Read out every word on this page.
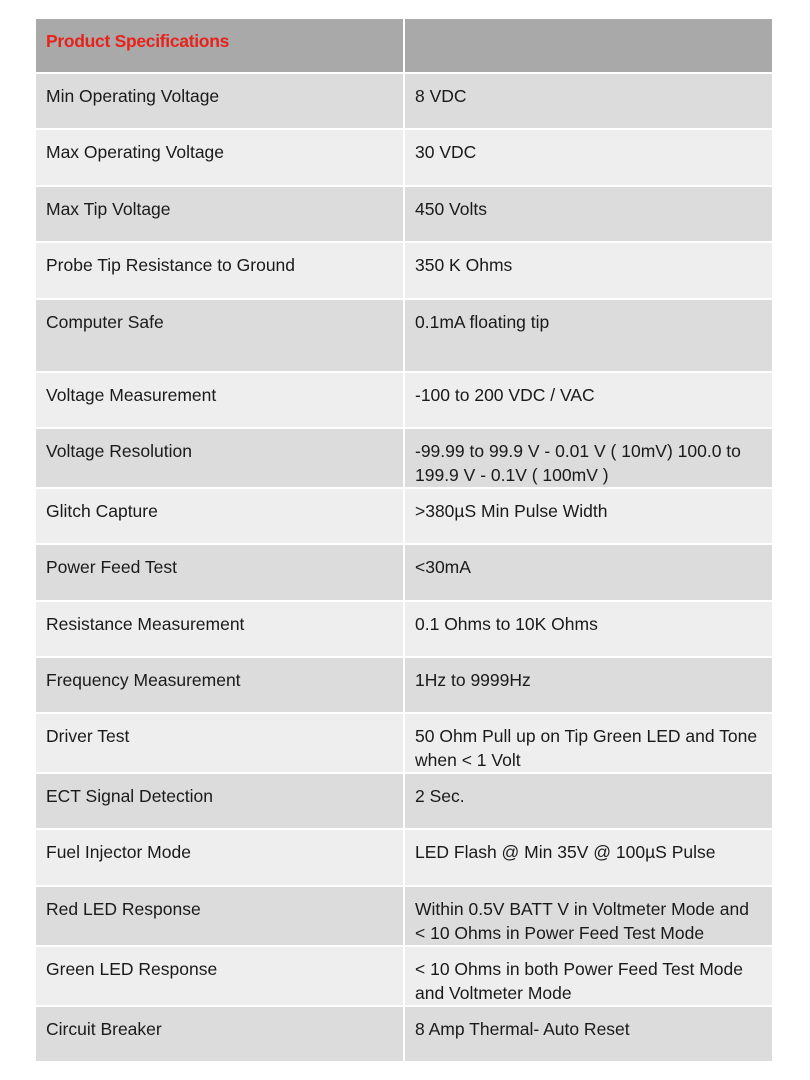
Product Specifications	
Min Operating Voltage	8 VDC
Max Operating Voltage	30 VDC
Max Tip Voltage	450 Volts
Probe Tip Resistance to Ground	350 K Ohms
Computer Safe	0.1mA floating tip
Voltage Measurement	-100 to 200 VDC / VAC
Voltage Resolution	-99.99 to 99.9 V - 0.01 V ( 10mV) 100.0 to 199.9 V - 0.1V ( 100mV )
Glitch Capture	>380µS Min Pulse Width
Power Feed Test	<30mA
Resistance Measurement	0.1 Ohms to 10K Ohms
Frequency Measurement	1Hz to 9999Hz
Driver Test	50 Ohm Pull up on Tip Green LED and Tone when < 1 Volt
ECT Signal Detection	2 Sec.
Fuel Injector Mode	LED Flash @ Min 35V @ 100µS Pulse
Red LED Response	Within 0.5V BATT V in Voltmeter Mode and < 10 Ohms in Power Feed Test Mode
Green LED Response	< 10 Ohms in both Power Feed Test Mode and Voltmeter Mode
Circuit Breaker	8 Amp Thermal- Auto Reset
